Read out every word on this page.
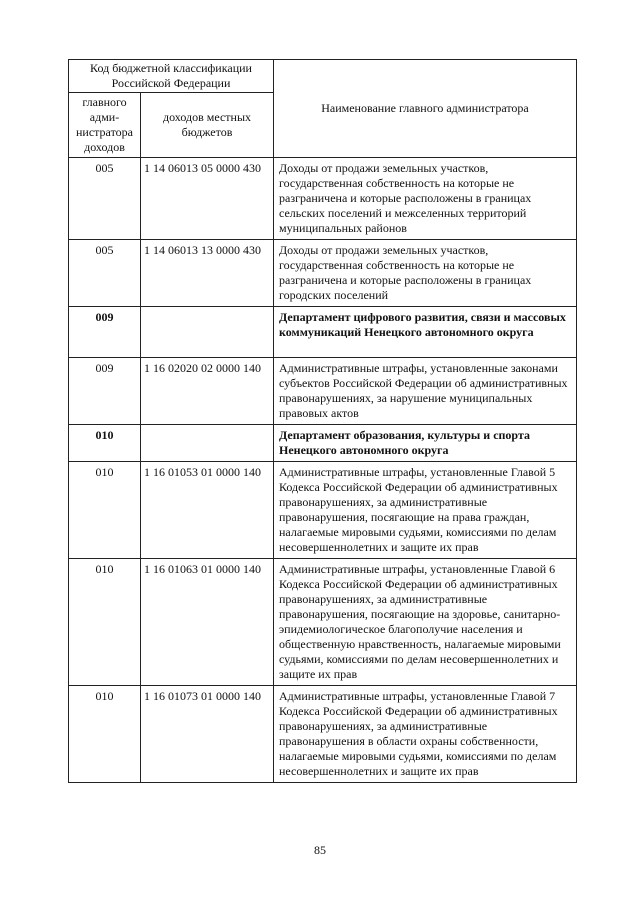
Код бюджетной классификации Российской Федерации		Наименование главного администратора
главного адми-нистратора доходов	доходов местных бюджетов	
005	1 14 06013 05 0000 430	Доходы от продажи земельных участков, государственная собственность на которые не разграничена и которые расположены в границах сельских поселений и межселенных территорий муниципальных районов
005	1 14 06013 13 0000 430	Доходы от продажи земельных участков, государственная собственность на которые не разграничена и которые расположены в границах городских поселений
009		Департамент цифрового развития, связи и массовых коммуникаций Ненецкого автономного округа
009	1 16 02020 02 0000 140	Административные штрафы, установленные законами субъектов Российской Федерации об административных правонарушениях, за нарушение муниципальных правовых актов
010		Департамент образования, культуры и спорта Ненецкого автономного округа
010	1 16 01053 01 0000 140	Административные штрафы, установленные Главой 5 Кодекса Российской Федерации об административных правонарушениях, за административные правонарушения, посягающие на права граждан, налагаемые мировыми судьями, комиссиями по делам несовершеннолетних и защите их прав
010	1 16 01063 01 0000 140	Административные штрафы, установленные Главой 6 Кодекса Российской Федерации об административных правонарушениях, за административные правонарушения, посягающие на здоровье, санитарно-эпидемиологическое благополучие населения и общественную нравственность, налагаемые мировыми судьями, комиссиями по делам несовершеннолетних и защите их прав
010	1 16 01073 01 0000 140	Административные штрафы, установленные Главой 7 Кодекса Российской Федерации об административных правонарушениях, за административные правонарушения в области охраны собственности, налагаемые мировыми судьями, комиссиями по делам несовершеннолетних и защите их прав
85
